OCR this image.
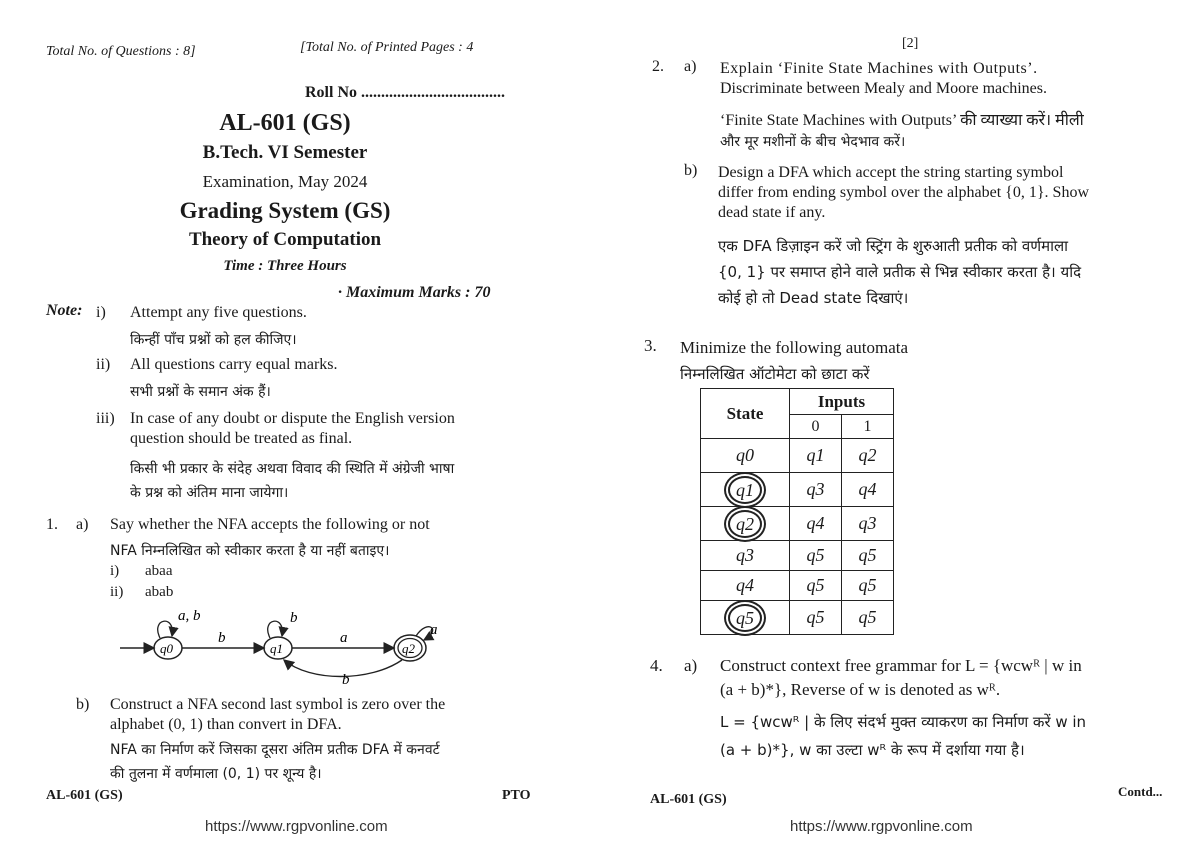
Total No. of Questions : 8]	[Total No. of Printed Pages : 4
Roll No ....................................
AL-601 (GS)
B.Tech. VI Semester
Examination, May 2024
Grading System (GS)
Theory of Computation
Time : Three Hours
· Maximum Marks : 70
Note: i) Attempt any five questions.
किन्हीं पाँच प्रश्नों को हल कीजिए।
ii) All questions carry equal marks.
सभी प्रश्नों के समान अंक हैं।
iii) In case of any doubt or dispute the English version
question should be treated as final.
किसी भी प्रकार के संदेह अथवा विवाद की स्थिति में अंग्रेजी भाषा
के प्रश्न को अंतिम माना जायेगा।
1. a) Say whether the NFA accepts the following or not
NFA निम्नलिखित को स्वीकार करता है या नहीं बताइए।
i) abaa
ii) abab
a, b
q0
b
b
q1
a	a
q2
b
b) Construct a NFA second last symbol is zero over the
alphabet (0, 1) than convert in DFA.
NFA का निर्माण करें जिसका दूसरा अंतिम प्रतीक DFA में कनवर्ट
की तुलना में वर्णमाला (0, 1) पर शून्य है।
AL-601 (GS)	PTO
https://www.rgpvonline.com
[2]
2. a) Explain ‘Finite State Machines with Outputs’.
Discriminate between Mealy and Moore machines.
‘Finite State Machines with Outputs’ की व्याख्या करें। मीली
और मूर मशीनों के बीच भेदभाव करें।
b) Design a DFA which accept the string starting symbol
differ from ending symbol over the alphabet {0, 1}. Show
dead state if any.
एक DFA डिज़ाइन करें जो स्ट्रिंग के शुरुआती प्रतीक को वर्णमाला
{0, 1} पर समाप्त होने वाले प्रतीक से भिन्न स्वीकार करता है। यदि
कोई हो तो Dead state दिखाएं।
3. Minimize the following automata
निम्नलिखित ऑटोमेटा को छाटा करें
State	Inputs	
	0	1
q0	q1	q2
q1	q3	q4
q2	q4	q3
q3	q5	q5
q4	q5	q5
q5	q5	q5
4. a) Construct context free grammar for L = {wcwᴿ | w in
(a + b)*}, Reverse of w is denoted as wᴿ.
L = {wcwᴿ | के लिए संदर्भ मुक्त व्याकरण का निर्माण करें w in
(a + b)*}, w का उल्टा wᴿ के रूप में दर्शाया गया है।
AL-601 (GS)
Contd...
https://www.rgpvonline.com
